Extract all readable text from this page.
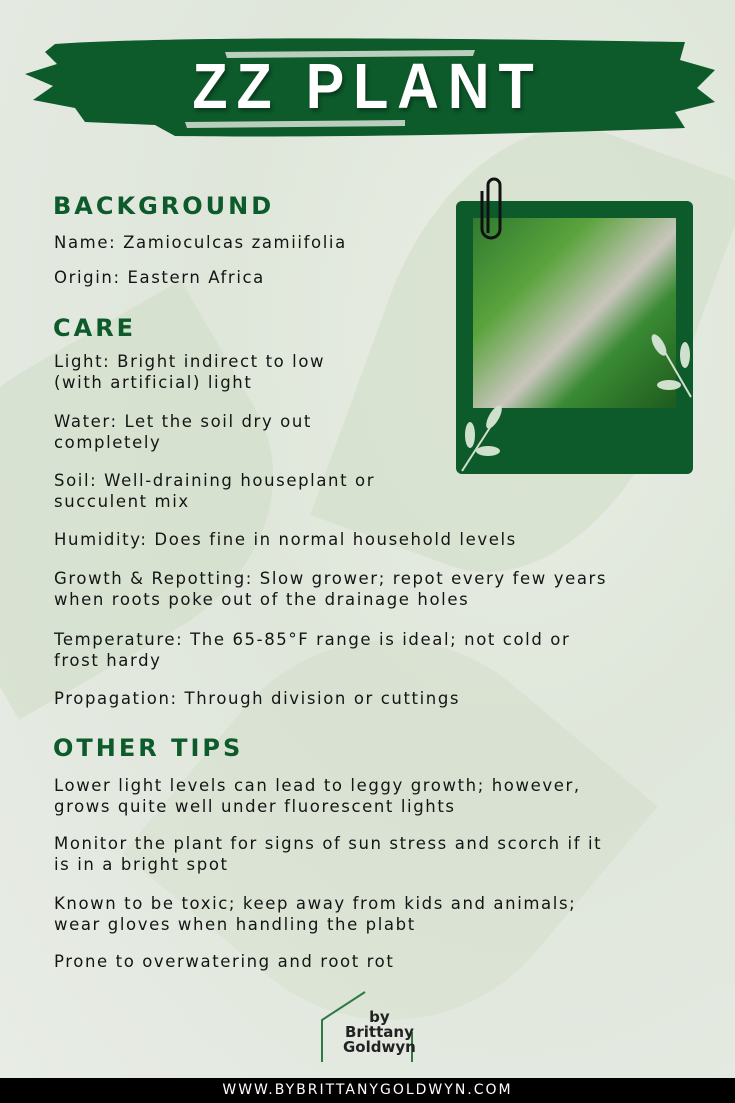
ZZ PLANT
BACKGROUND
Name: Zamioculcas zamiifolia
Origin: Eastern Africa
CARE
Light: Bright indirect to low
(with artificial) light
Water: Let the soil dry out
completely
Soil: Well-draining houseplant or
succulent mix
Humidity: Does fine in normal household levels
Growth & Repotting: Slow grower; repot every few years
when roots poke out of the drainage holes
Temperature: The 65-85°F range is ideal; not cold or
frost hardy
Propagation: Through division or cuttings
OTHER TIPS
Lower light levels can lead to leggy growth; however,
grows quite well under fluorescent lights
Monitor the plant for signs of sun stress and scorch if it
is in a bright spot
Known to be toxic; keep away from kids and animals;
wear gloves when handling the plabt
Prone to overwatering and root rot
by
Brittany
Goldwyn
WWW.BYBRITTANYGOLDWYN.COM
